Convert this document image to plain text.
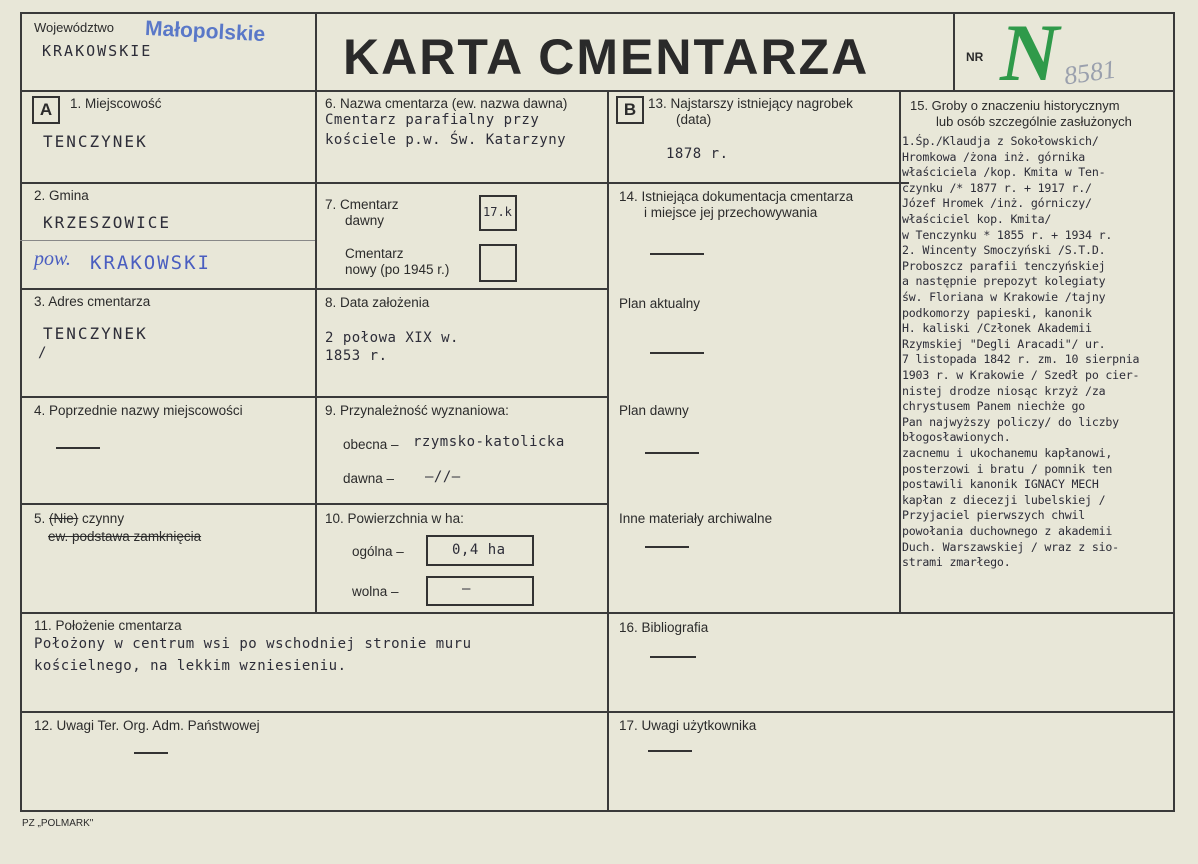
Województwo
KRAKOWSKIE
Małopolskie KARTA CMENTARZA	NR N 8581
A	1. Miejscowość
TENCZYNEK
2. Gmina
KRZESZOWICE
pow. KRAKOWSKI
3. Adres cmentarza
TENCZYNEK
/
4. Poprzednie nazwy miejscowości
5. (Nie) czynny
ew. podstawa zamknięcia
6. Nazwa cmentarza (ew. nazwa dawna)
Cmentarz parafialny przy
kościele p.w. Św. Katarzyny
7. Cmentarz
dawny
17.k
Cmentarz
nowy (po 1945 r.)
8. Data założenia
2 połowa XIX w.
1853 r.
9. Przynależność wyznaniowa:
obecna – rzymsko-katolicka
dawna – –//–
10. Powierzchnia w ha:
ogólna –	0,4 ha
wolna –	—
B 13. Najstarszy istniejący nagrobek
(data)
1878 r.
14. Istniejąca dokumentacja cmentarza
i miejsce jej przechowywania
Plan aktualny
Plan dawny
Inne materiały archiwalne
15. Groby o znaczeniu historycznym
lub osób szczególnie zasłużonych
1.Śp./Klaudja z Sokołowskich/
Hromkowa /żona inż. górnika
właściciela /kop. Kmita w Ten-
czynku /* 1877 r. + 1917 r./
Józef Hromek /inż. górniczy/
właściciel kop. Kmita/
w Tenczynku * 1855 r. + 1934 r.
2. Wincenty Smoczyński /S.T.D.
Proboszcz parafii tenczyńskiej
a następnie prepozyt kolegiaty
św. Floriana w Krakowie /tajny
podkomorzy papieski, kanonik
H. kaliski /Członek Akademii
Rzymskiej "Degli Aracadi"/ ur.
7 listopada 1842 r. zm. 10 sierpnia
1903 r. w Krakowie / Szedł po cier-
nistej drodze niosąc krzyż /za
chrystusem Panem niechże go
Pan najwyższy policzy/ do liczby
błogosławionych.
zacnemu i ukochanemu kapłanowi,
posterzowi i bratu / pomnik ten
postawili kanonik IGNACY MECH
kapłan z diecezji lubelskiej /
Przyjaciel pierwszych chwil
powołania duchownego z akademii
Duch. Warszawskiej / wraz z sio-
strami zmarłego.
11. Położenie cmentarza
Położony w centrum wsi po wschodniej stronie muru
kościelnego, na lekkim wzniesieniu.
16. Bibliografia
12. Uwagi Ter. Org. Adm. Państwowej	17. Uwagi użytkownika
PZ „POLMARK"
